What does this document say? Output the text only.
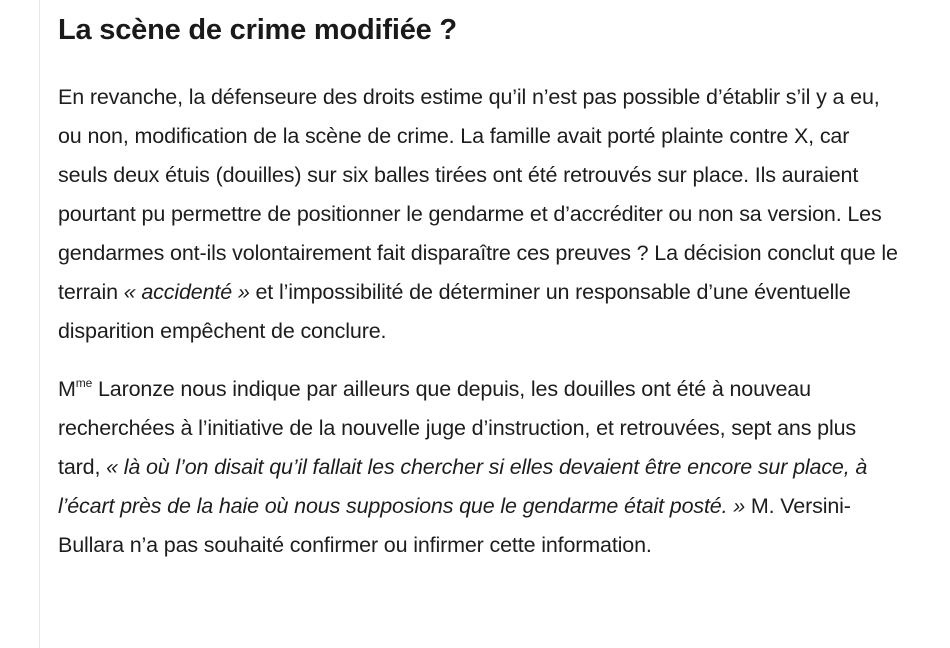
La scène de crime modifiée ?

En revanche, la défenseure des droits estime qu’il n’est pas possible d’établir s’il y a eu, ou non, modification de la scène de crime. La famille avait porté plainte contre X, car seuls deux étuis (douilles) sur six balles tirées ont été retrouvés sur place. Ils auraient pourtant pu permettre de positionner le gendarme et d’accréditer ou non sa version. Les gendarmes ont-ils volontairement fait disparaître ces preuves ? La décision conclut que le terrain « accidenté » et l’impossibilité de déterminer un responsable d’une éventuelle disparition empêchent de conclure.

$M^{me}$ Laronze nous indique par ailleurs que depuis, les douilles ont été à nouveau recherchées à l’initiative de la nouvelle juge d’instruction, et retrouvées, sept ans plus tard, « là où l’on disait qu’il fallait les chercher si elles devaient être encore sur place, à l’écart près de la haie où nous supposions que le gendarme était posté. » M. Versini-Bullara n’a pas souhaité confirmer ou infirmer cette information.
